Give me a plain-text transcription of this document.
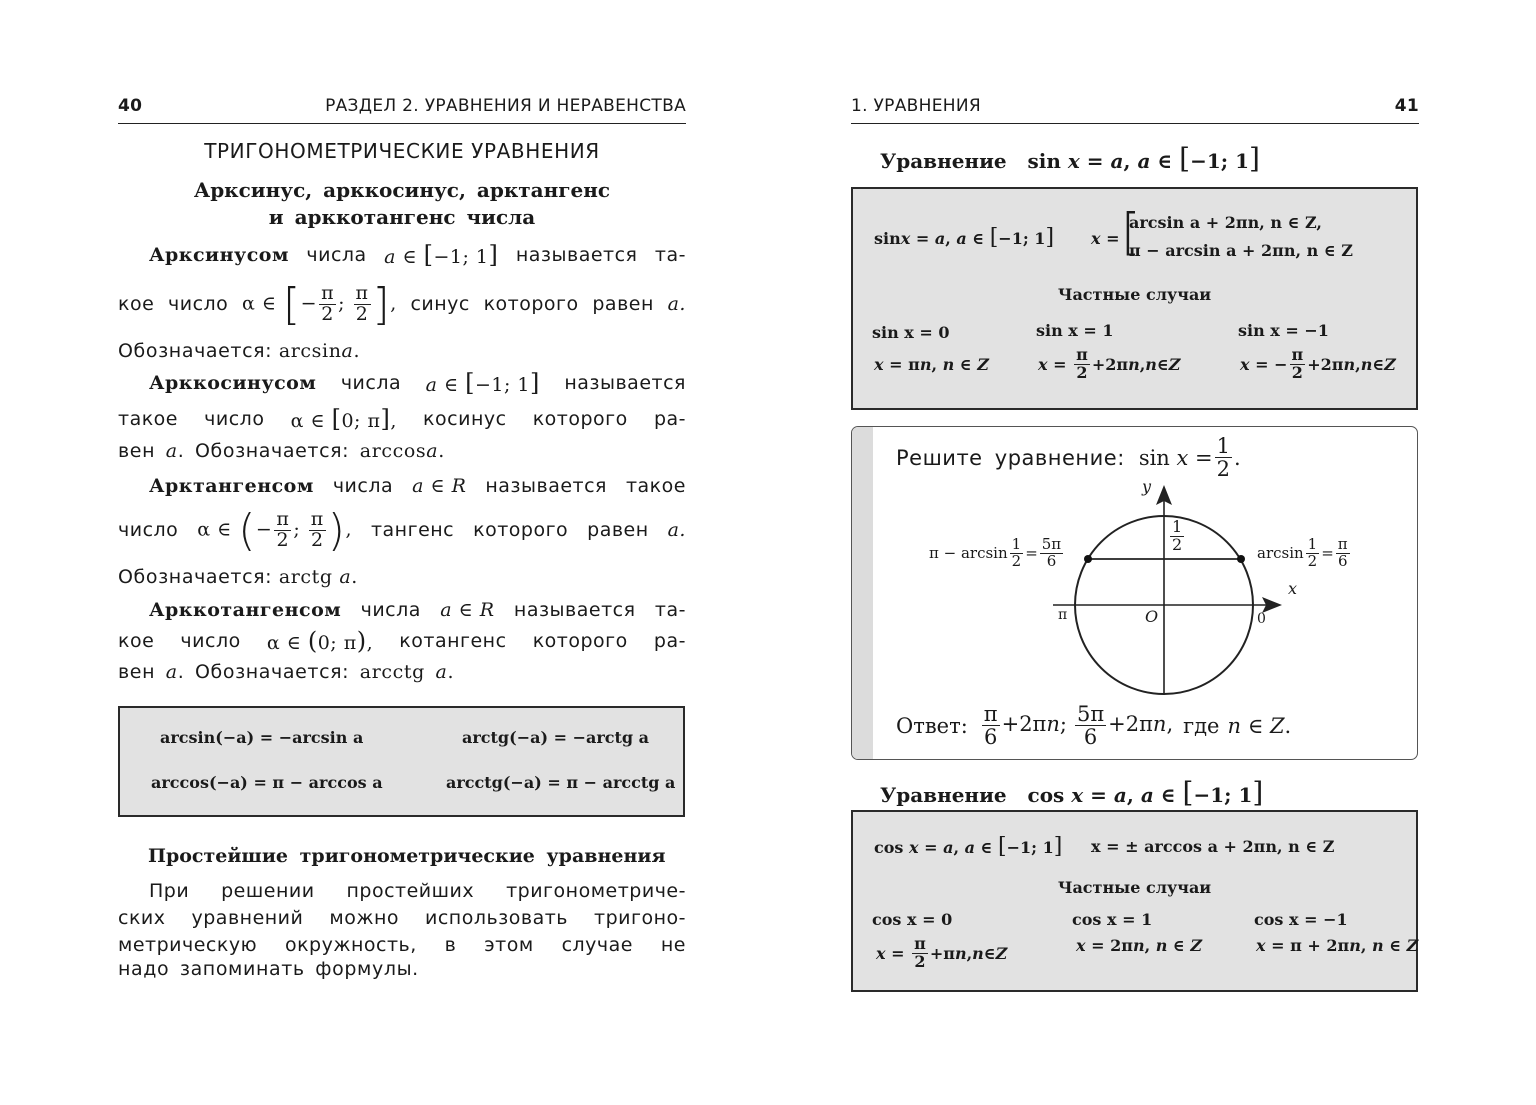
40	РАЗДЕЛ 2. УРАВНЕНИЯ И НЕРАВЕНСТВА
ТРИГОНОМЕТРИЧЕСКИЕ УРАВНЕНИЯ
Арксинус, арккосинус, арктангенс
и арккотангенс числа
Арксинусом числа a ∈ [−1; 1] называется та-
кое число α ∈ [− $\frac{\pi}{2}$ ; $\frac{\pi}{2}$ ], синус которого равен a.
Обозначается: arcsina.
Арккосинусом числа a ∈ [−1; 1] называется
такое число α ∈ [0; π], косинус которого ра-
вен a. Обозначается: arccosa.
Арктангенсом числа a ∈ R называется такое
число α ∈ (− $\frac{\pi}{2}$ ; $\frac{\pi}{2}$ ), тангенс которого равен a.
Обозначается: arctg a.
Арккотангенсом числа a ∈ R называется та-
кое число α ∈ (0; π), котангенс которого ра-
вен a. Обозначается: arcctg a.
arcsin(−a) = −arcsin a	arctg(−a) = −arctg a
arccos(−a) = π − arccos a	arcctg(−a) = π − arcctg a
Простейшие тригонометрические уравнения
При решении простейших тригонометриче-
ских уравнений можно использовать тригоно-
метрическую окружность, в этом случае не
надо запоминать формулы.
1. УРАВНЕНИЯ	41
Уравнение sin x = a, a ∈ [−1; 1]
sinx = a, a ∈ [−1; 1] x = [
arcsin a + 2πn, n ∈ Z,
π − arcsin a + 2πn, n ∈ Z
Частные случаи
sin x = 0	sin x = 1	sin x = −1
x = πn, n ∈ Z	$x = \frac{\pi}{2} +2\pi$ n , n ∈ Z	x = − $\frac{\pi}{2} +2\pi$ n , n ∈ Z
Решите уравнение: $\sin x = \frac{1}{2}$ .
y
x
O
π	0
$\frac{1}{2}$
$\pi - \arcsin \frac{1}{2} = \frac{5\pi}{6}$	$\arcsin \frac{1}{2} = \frac{\pi}{6}$
Ответ: $\frac{\pi}{6} +2\pi n$; $\frac{5\pi}{6} +2\pi n$, где n ∈ Z.
Уравнение cos x = a, a ∈ [−1; 1]
cos x = a, a ∈ [−1; 1] x = ± arccos a + 2πn, n ∈ Z
Частные случаи
cos x = 0	cos x = 1	cos x = −1
$x = \frac{\pi}{2} +\pi$ n , n ∈ Z	x = 2πn, n ∈ Z	x = π + 2πn, n ∈ Z
